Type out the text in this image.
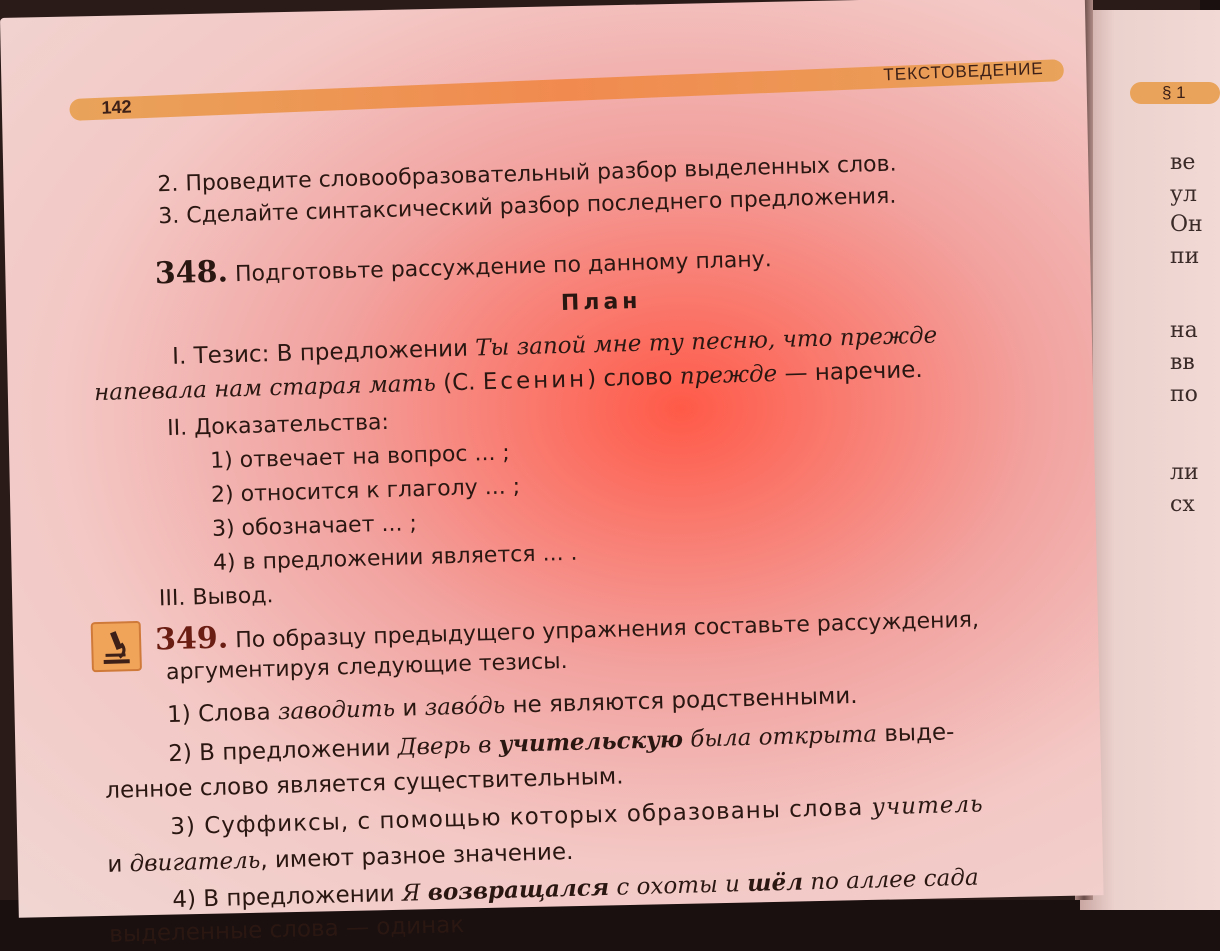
142
ТЕКСТОВЕДЕНИЕ
§ 1
ве
ул
Он
пи
на
вв
по
ли
сх
2. Проведите словообразовательный разбор выделенных слов.
3. Сделайте синтаксический разбор последнего предложения.
348. Подготовьте рассуждение по данному плану.
План
I. Тезис: В предложении Ты запой мне ту песню, что прежде
напевала нам старая мать (С. Есенин) слово прежде — наречие.
II. Доказательства:
1) отвечает на вопрос ... ;
2) относится к глаголу ... ;
3) обозначает ... ;
4) в предложении является ... .
III. Вывод.
349. По образцу предыдущего упражнения составьте рассуждения,
аргументируя следующие тезисы.
1) Слова заводить и заво́дь не являются родственными.
2) В предложении Дверь в учительскую была открыта выде-
ленное слово является существительным.
3) Суффиксы, с помощью которых образованы слова учитель
и двигатель, имеют разное значение.
4) В предложении Я возвращался с охоты и шёл по аллее сада
выделенные слова — одинак
